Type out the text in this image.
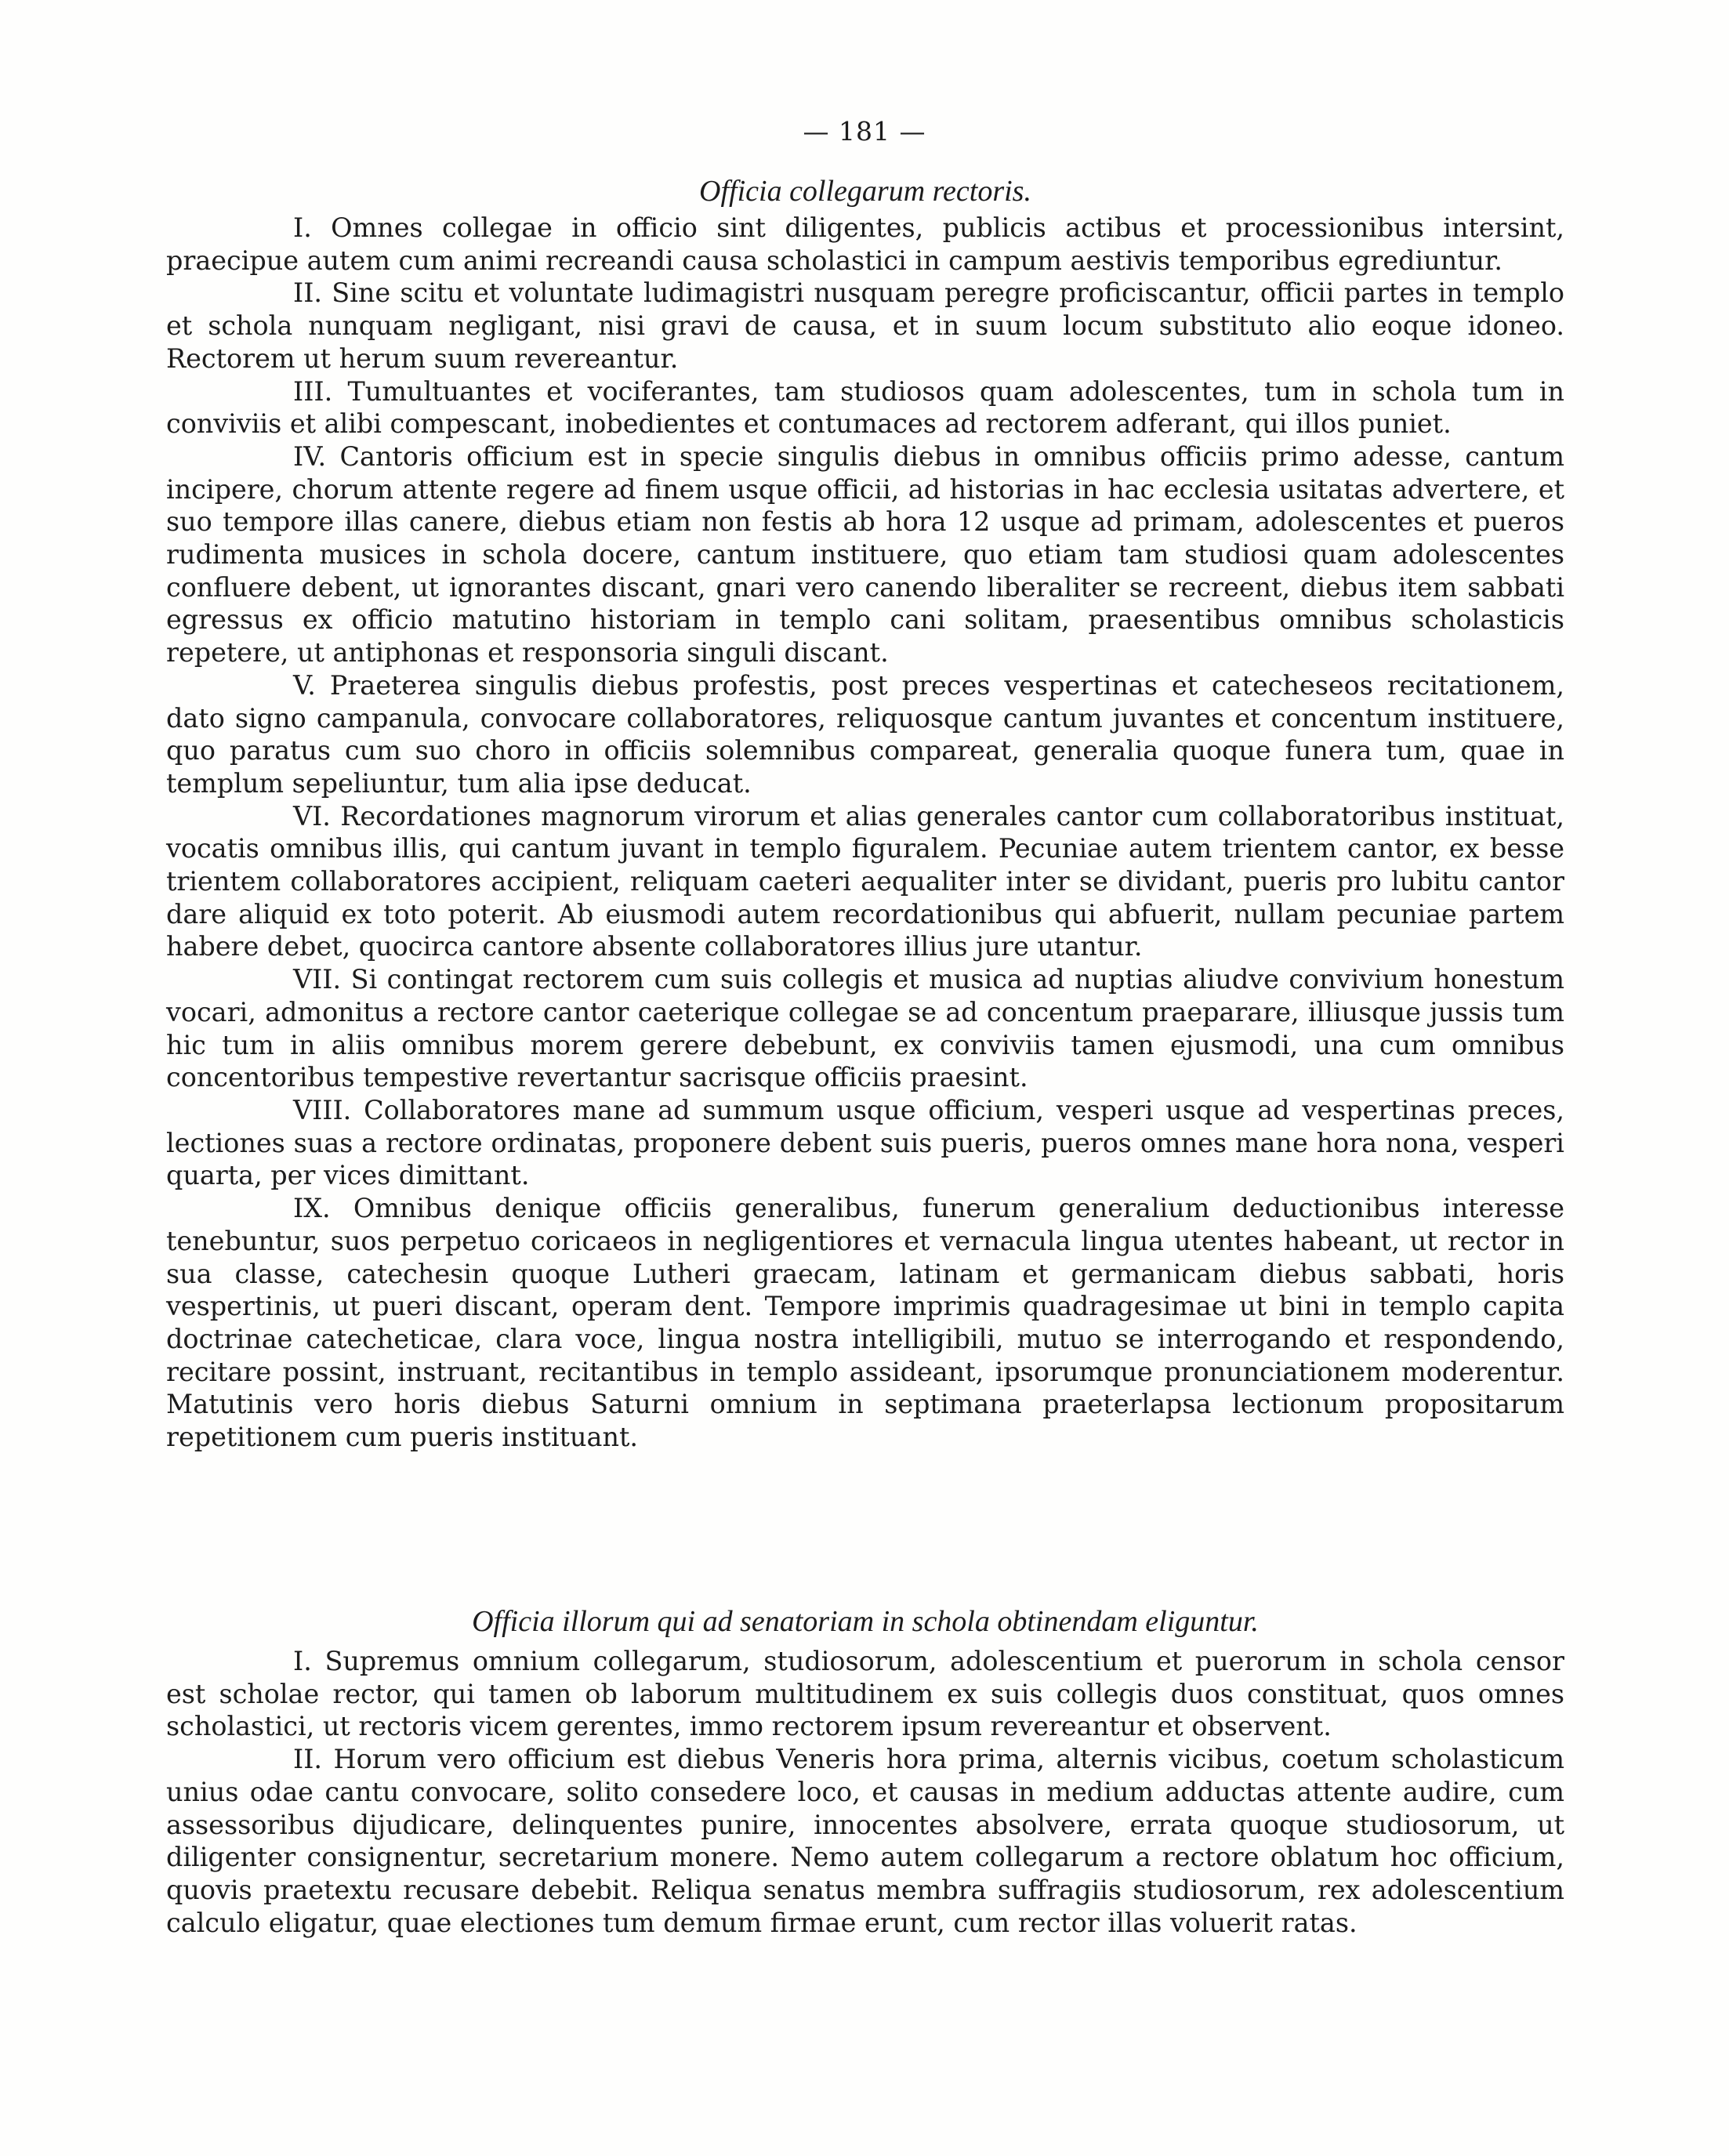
— 181 —

Officia collegarum rectoris.

I. Omnes collegae in officio sint diligentes, publicis actibus et processionibus intersint, praecipue autem cum animi recreandi causa scholastici in campum aestivis temporibus egrediuntur.

II. Sine scitu et voluntate ludimagistri nusquam peregre proficiscantur, officii partes in templo et schola nunquam negligant, nisi gravi de causa, et in suum locum substituto alio eoque idoneo. Rectorem ut herum suum revereantur.

III. Tumultuantes et vociferantes, tam studiosos quam adolescentes, tum in schola tum in conviviis et alibi compescant, inobedientes et contumaces ad rectorem adferant, qui illos puniet.

IV. Cantoris officium est in specie singulis diebus in omnibus officiis primo adesse, cantum incipere, chorum attente regere ad finem usque officii, ad historias in hac ecclesia usitatas advertere, et suo tempore illas canere, diebus etiam non festis ab hora 12 usque ad primam, adolescentes et pueros rudimenta musices in schola docere, cantum instituere, quo etiam tam studiosi quam adolescentes confluere debent, ut ignorantes discant, gnari vero canendo liberaliter se recreent, diebus item sabbati egressus ex officio matutino historiam in templo cani solitam, praesentibus omnibus scholasticis repetere, ut antiphonas et responsoria singuli discant.

V. Praeterea singulis diebus profestis, post preces vespertinas et catecheseos recitationem, dato signo campanula, convocare collaboratores, reliquosque cantum juvantes et concentum instituere, quo paratus cum suo choro in officiis solemnibus compareat, generalia quoque funera tum, quae in templum sepeliuntur, tum alia ipse deducat.

VI. Recordationes magnorum virorum et alias generales cantor cum collaboratoribus instituat, vocatis omnibus illis, qui cantum juvant in templo figuralem. Pecuniae autem trientem cantor, ex besse trientem collaboratores accipient, reliquam caeteri aequaliter inter se dividant, pueris pro lubitu cantor dare aliquid ex toto poterit. Ab eiusmodi autem recordationibus qui abfuerit, nullam pecuniae partem habere debet, quocirca cantore absente collaboratores illius jure utantur.

VII. Si contingat rectorem cum suis collegis et musica ad nuptias aliudve convivium honestum vocari, admonitus a rectore cantor caeterique collegae se ad concentum praeparare, illiusque jussis tum hic tum in aliis omnibus morem gerere debebunt, ex conviviis tamen ejusmodi, una cum omnibus concentoribus tempestive revertantur sacrisque officiis praesint.

VIII. Collaboratores mane ad summum usque officium, vesperi usque ad vespertinas preces, lectiones suas a rectore ordinatas, proponere debent suis pueris, pueros omnes mane hora nona, vesperi quarta, per vices dimittant.

IX. Omnibus denique officiis generalibus, funerum generalium deductionibus interesse tenebuntur, suos perpetuo coricaeos in negligentiores et vernacula lingua utentes habeant, ut rector in sua classe, catechesin quoque Lutheri graecam, latinam et germanicam diebus sabbati, horis vespertinis, ut pueri discant, operam dent. Tempore imprimis quadragesimae ut bini in templo capita doctrinae catecheticae, clara voce, lingua nostra intelligibili, mutuo se interrogando et respondendo, recitare possint, instruant, recitantibus in templo assideant, ipsorumque pronunciationem moderentur. Matutinis vero horis diebus Saturni omnium in septimana praeterlapsa lectionum propositarum repetitionem cum pueris instituant.

Officia illorum qui ad senatoriam in schola obtinendam eliguntur.

I. Supremus omnium collegarum, studiosorum, adolescentium et puerorum in schola censor est scholae rector, qui tamen ob laborum multitudinem ex suis collegis duos constituat, quos omnes scholastici, ut rectoris vicem gerentes, immo rectorem ipsum revereantur et observent.

II. Horum vero officium est diebus Veneris hora prima, alternis vicibus, coetum scholasticum unius odae cantu convocare, solito consedere loco, et causas in medium adductas attente audire, cum assessoribus dijudicare, delinquentes punire, innocentes absolvere, errata quoque studiosorum, ut diligenter consignentur, secretarium monere. Nemo autem collegarum a rectore oblatum hoc officium, quovis praetextu recusare debebit. Reliqua senatus membra suffragiis studiosorum, rex adolescentium calculo eligatur, quae electiones tum demum firmae erunt, cum rector illas voluerit ratas.
